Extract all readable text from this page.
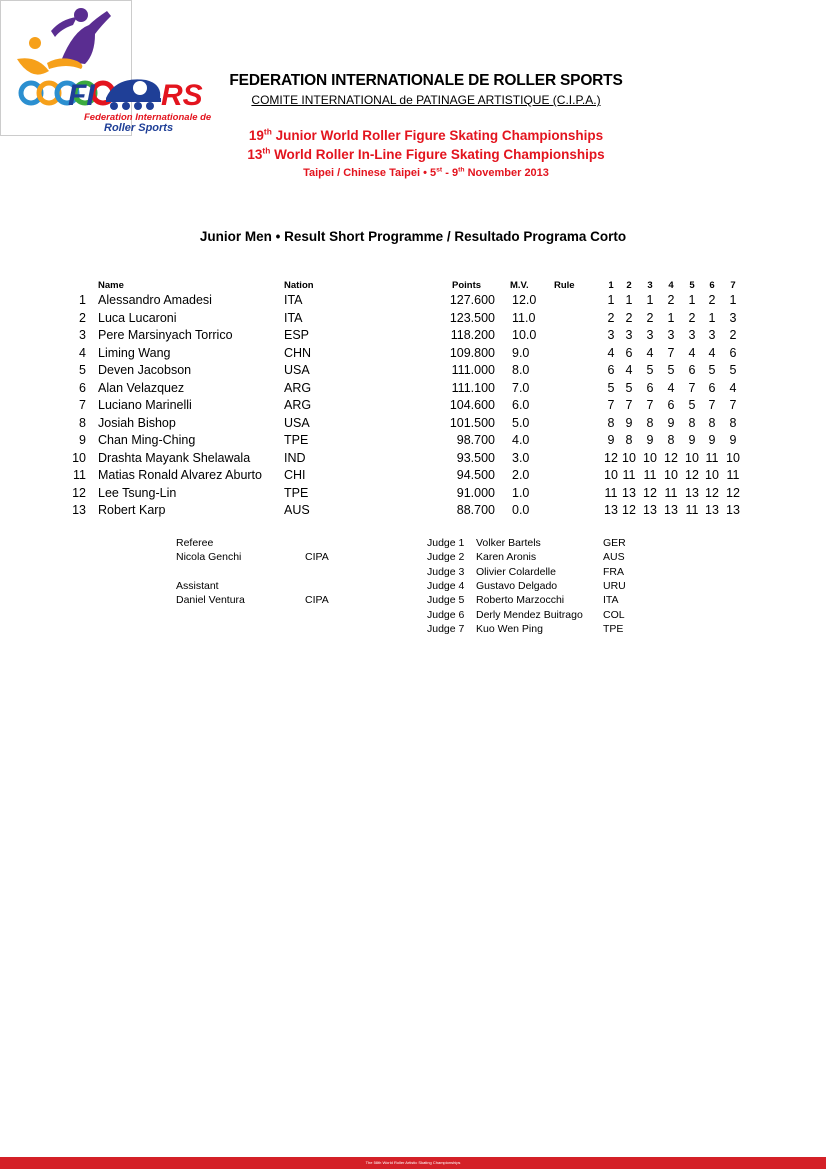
FI RS
Federation Internationale de
Roller Sports
The 58th World Roller Artistic Skating Championships
FEDERATION INTERNATIONALE DE ROLLER SPORTS
COMITE INTERNATIONAL de PATINAGE ARTISTIQUE (C.I.P.A.)
19th Junior World Roller Figure Skating Championships
13th World Roller In-Line Figure Skating Championships
Taipei / Chinese Taipei • 5st - 9th November 2013
Junior Men • Result Short Programme / Resultado Programa Corto
Name	Nation	Points	M.V.	Rule	1	2	3	4	5	6	7
1 Alessandro Amadesi	ITA	127.600 12.0	1 1 1 2 1 2 1
2 Luca Lucaroni	ITA	123.500 11.0	2 2 2 1 2 1 3
3 Pere Marsinyach Torrico	ESP	118.200 10.0	3 3 3 3 3 3 2
4 Liming Wang	CHN	109.800 9.0	4 6 4 7 4 4 6
5 Deven Jacobson	USA	111.000 8.0	6 4 5 5 6 5 5
6 Alan Velazquez	ARG	111.100 7.0	5 5 6 4 7 6 4
7 Luciano Marinelli	ARG	104.600 6.0	7 7 7 6 5 7 7
8 Josiah Bishop	USA	101.500 5.0	8 9 8 9 8 8 8
9 Chan Ming-Ching	TPE	98.700 4.0	9 8 9 8 9 9 9
10 Drashta Mayank Shelawala	IND	93.500 3.0	12 10 10 12 10 11 10
11 Matias Ronald Alvarez Aburto CHI	94.500 2.0	10 11 11 10 12 10 11
12 Lee Tsung-Lin	TPE	91.000 1.0	11 13 12 11 13 12 12
13 Robert Karp	AUS	88.700 0.0	13 12 13 13 11 13 13
Referee
Nicola Genchi	CIPA
Assistant
Daniel Ventura	CIPA
Judge 1 Volker Bartels	GER
Judge 2 Karen Aronis	AUS
Judge 3 Olivier Colardelle	FRA
Judge 4 Gustavo Delgado	URU
Judge 5 Roberto Marzocchi	ITA
Judge 6 Derly Mendez Buitrago COL
Judge 7 Kuo Wen Ping	TPE
